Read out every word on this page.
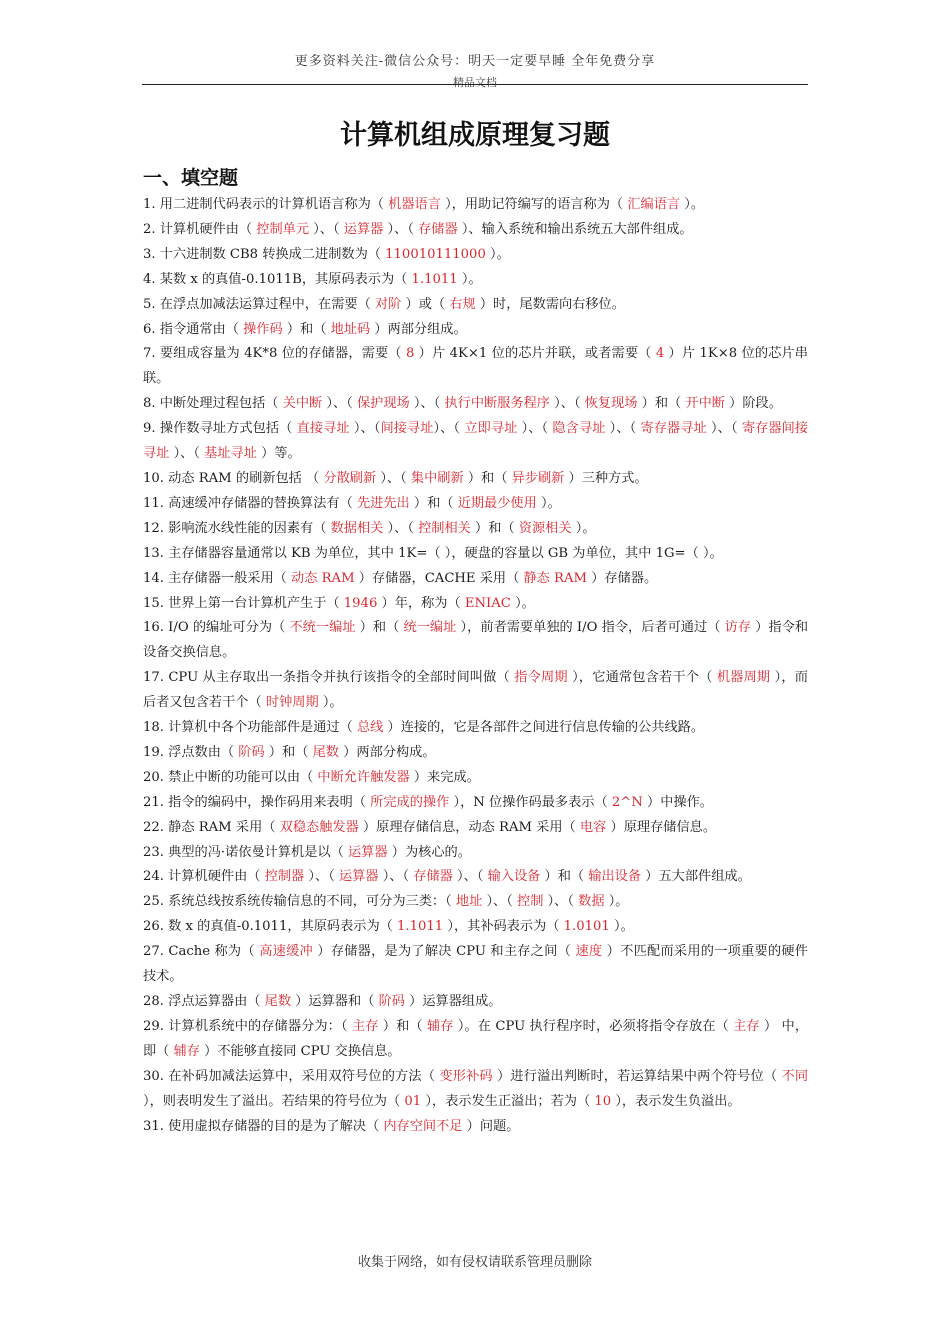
更多资料关注-微信公众号：明天一定要早睡 全年免费分享
精品文档
计算机组成原理复习题
一、填空题
1. 用二进制代码表示的计算机语言称为（ 机器语言 ），用助记符编写的语言称为（ 汇编语言 ）。
2. 计算机硬件由（ 控制单元 ）、（ 运算器 ）、（ 存储器 ）、输入系统和输出系统五大部件组成。
3. 十六进制数 CB8 转换成二进制数为（ 110010111000 ）。
4. 某数 x 的真值-0.1011B，其原码表示为（ 1.1011 ）。
5. 在浮点加减法运算过程中，在需要（ 对阶 ）或（ 右规 ）时，尾数需向右移位。
6. 指令通常由（ 操作码 ）和（ 地址码 ）两部分组成。
7. 要组成容量为 4K*8 位的存储器，需要（ 8 ）片 4K×1 位的芯片并联，或者需要（ 4 ）片 1K×8 位的芯片串联。
8. 中断处理过程包括（ 关中断 ）、（ 保护现场 ）、（ 执行中断服务程序 ）、（ 恢复现场 ）和（ 开中断 ）阶段。
9. 操作数寻址方式包括（ 直接寻址 ）、（间接寻址）、（ 立即寻址 ）、（ 隐含寻址 ）、（ 寄存器寻址 ）、（ 寄存器间接寻址 ）、（ 基址寻址 ）等。
10. 动态 RAM 的刷新包括 （ 分散刷新 ）、（ 集中刷新 ）和（ 异步刷新 ）三种方式。
11. 高速缓冲存储器的替换算法有（ 先进先出 ）和（ 近期最少使用 ）。
12. 影响流水线性能的因素有（ 数据相关 ）、（ 控制相关 ）和（ 资源相关 ）。
13. 主存储器容量通常以 KB 为单位，其中 1K=（ ），硬盘的容量以 GB 为单位，其中 1G=（ ）。
14. 主存储器一般采用（ 动态 RAM ）存储器，CACHE 采用（ 静态 RAM ）存储器。
15. 世界上第一台计算机产生于（ 1946 ）年，称为（ ENIAC ）。
16. I/O 的编址可分为（ 不统一编址 ）和（ 统一编址 ），前者需要单独的 I/O 指令，后者可通过（ 访存 ）指令和设备交换信息。
17. CPU 从主存取出一条指令并执行该指令的全部时间叫做（ 指令周期 ），它通常包含若干个（ 机器周期 ），而后者又包含若干个（ 时钟周期 ）。
18. 计算机中各个功能部件是通过（ 总线 ）连接的，它是各部件之间进行信息传输的公共线路。
19. 浮点数由（ 阶码 ）和（ 尾数 ）两部分构成。
20. 禁止中断的功能可以由（ 中断允许触发器 ）来完成。
21. 指令的编码中，操作码用来表明（ 所完成的操作 ），N 位操作码最多表示（ 2^N ）中操作。
22. 静态 RAM 采用（ 双稳态触发器 ）原理存储信息，动态 RAM 采用（ 电容 ）原理存储信息。
23. 典型的冯·诺依曼计算机是以（ 运算器 ）为核心的。
24. 计算机硬件由（ 控制器 ）、（ 运算器 ）、（ 存储器 ）、（ 输入设备 ）和（ 输出设备 ）五大部件组成。
25. 系统总线按系统传输信息的不同，可分为三类：（ 地址 ）、（ 控制 ）、（ 数据 ）。
26. 数 x 的真值-0.1011，其原码表示为（ 1.1011 ），其补码表示为（ 1.0101 ）。
27. Cache 称为（ 高速缓冲 ）存储器，是为了解决 CPU 和主存之间（ 速度 ）不匹配而采用的一项重要的硬件技术。
28. 浮点运算器由（ 尾数 ）运算器和（ 阶码 ）运算器组成。
29. 计算机系统中的存储器分为：（ 主存 ）和（ 辅存 ）。在 CPU 执行程序时，必须将指令存放在（ 主存 ） 中，即（ 辅存 ）不能够直接同 CPU 交换信息。
30. 在补码加减法运算中，采用双符号位的方法（ 变形补码 ）进行溢出判断时，若运算结果中两个符号位（ 不同 ），则表明发生了溢出。若结果的符号位为（ 01 ），表示发生正溢出；若为（ 10 ），表示发生负溢出。
31. 使用虚拟存储器的目的是为了解决（ 内存空间不足 ）问题。
收集于网络，如有侵权请联系管理员删除
